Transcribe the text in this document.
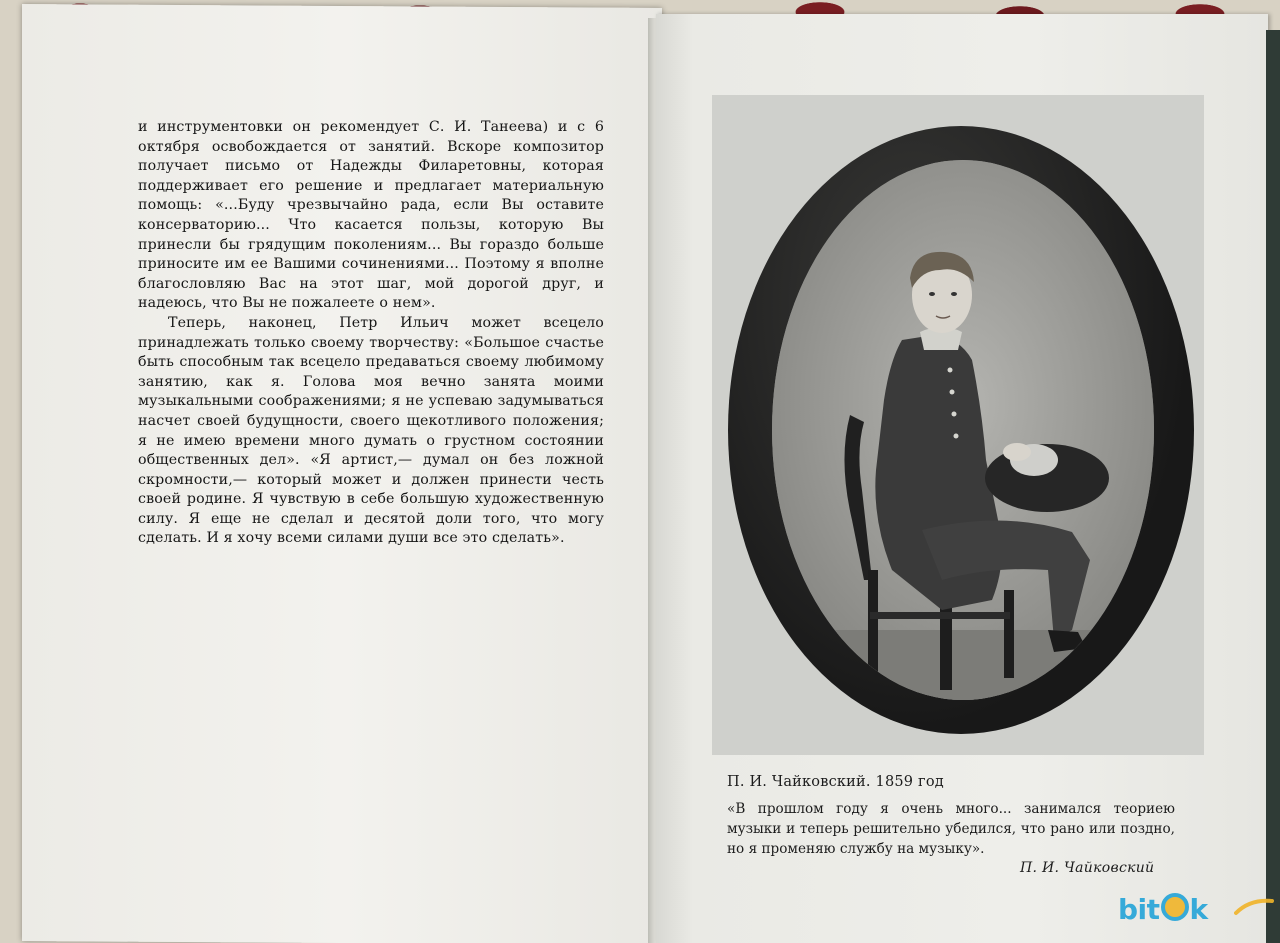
и инструментовки он рекомендует С. И. Танеева) и с 6 октября освобождается от занятий. Вскоре композитор получает письмо от Надежды Филаретовны, которая поддерживает его решение и предлагает материальную помощь: «...Буду чрезвычайно рада, если Вы оставите консерваторию... Что касается пользы, которую Вы принесли бы грядущим поколениям... Вы гораздо больше приносите им ее Вашими сочинениями... Поэтому я вполне благословляю Вас на этот шаг, мой дорогой друг, и надеюсь, что Вы не пожалеете о нем».

Теперь, наконец, Петр Ильич может всецело принадлежать только своему творчеству: «Большое счастье быть способным так всецело предаваться своему любимому занятию, как я. Голова моя вечно занята моими музыкальными соображениями; я не успеваю задумываться насчет своей будущности, своего щекотливого положения; я не имею времени много думать о грустном состоянии общественных дел». «Я артист,— думал он без ложной скромности,— который может и должен принести честь своей родине. Я чувствую в себе большую художественную силу. Я еще не сделал и десятой доли того, что могу сделать. И я хочу всеми силами души все это сделать».

П. И. Чайковский. 1859 год

«В прошлом году я очень много... занимался теориею музыки и теперь решительно убедился, что рано или поздно, но я променяю службу на музыку».

П. И. Чайковский
bit k
